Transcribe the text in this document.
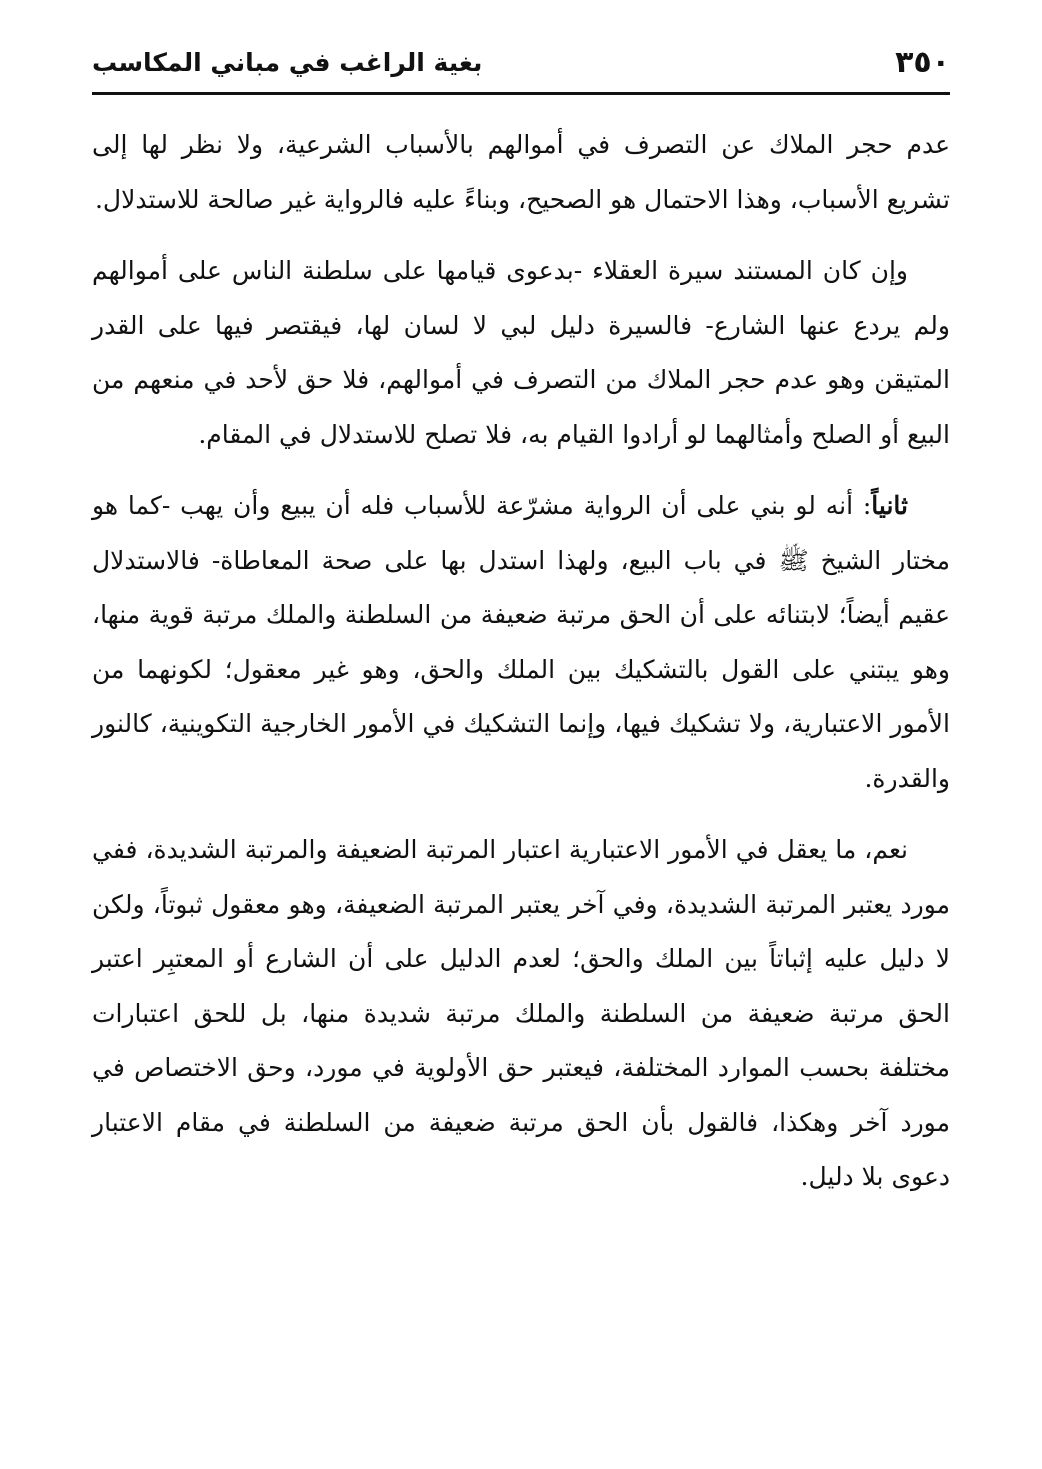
٣٥٠
بغية الراغب في مباني المكاسب

عدم حجر الملاك عن التصرف في أموالهم بالأسباب الشرعية، ولا نظر لها إلى تشريع الأسباب، وهذا الاحتمال هو الصحيح، وبناءً عليه فالرواية غير صالحة للاستدلال.

وإن كان المستند سيرة العقلاء -بدعوى قيامها على سلطنة الناس على أموالهم ولم يردع عنها الشارع- فالسيرة دليل لبي لا لسان لها، فيقتصر فيها على القدر المتيقن وهو عدم حجر الملاك من التصرف في أموالهم، فلا حق لأحد في منعهم من البيع أو الصلح وأمثالهما لو أرادوا القيام به، فلا تصلح للاستدلال في المقام.

ثانياً: أنه لو بني على أن الرواية مشرّعة للأسباب فله أن يبيع وأن يهب -كما هو مختار الشيخ ﷺ في باب البيع، ولهذا استدل بها على صحة المعاطاة- فالاستدلال عقيم أيضاً؛ لابتنائه على أن الحق مرتبة ضعيفة من السلطنة والملك مرتبة قوية منها، وهو يبتني على القول بالتشكيك بين الملك والحق، وهو غير معقول؛ لكونهما من الأمور الاعتبارية، ولا تشكيك فيها، وإنما التشكيك في الأمور الخارجية التكوينية، كالنور والقدرة.

نعم، ما يعقل في الأمور الاعتبارية اعتبار المرتبة الضعيفة والمرتبة الشديدة، ففي مورد يعتبر المرتبة الشديدة، وفي آخر يعتبر المرتبة الضعيفة، وهو معقول ثبوتاً، ولكن لا دليل عليه إثباتاً بين الملك والحق؛ لعدم الدليل على أن الشارع أو المعتبِر اعتبر الحق مرتبة ضعيفة من السلطنة والملك مرتبة شديدة منها، بل للحق اعتبارات مختلفة بحسب الموارد المختلفة، فيعتبر حق الأولوية في مورد، وحق الاختصاص في مورد آخر وهكذا، فالقول بأن الحق مرتبة ضعيفة من السلطنة في مقام الاعتبار دعوى بلا دليل.
